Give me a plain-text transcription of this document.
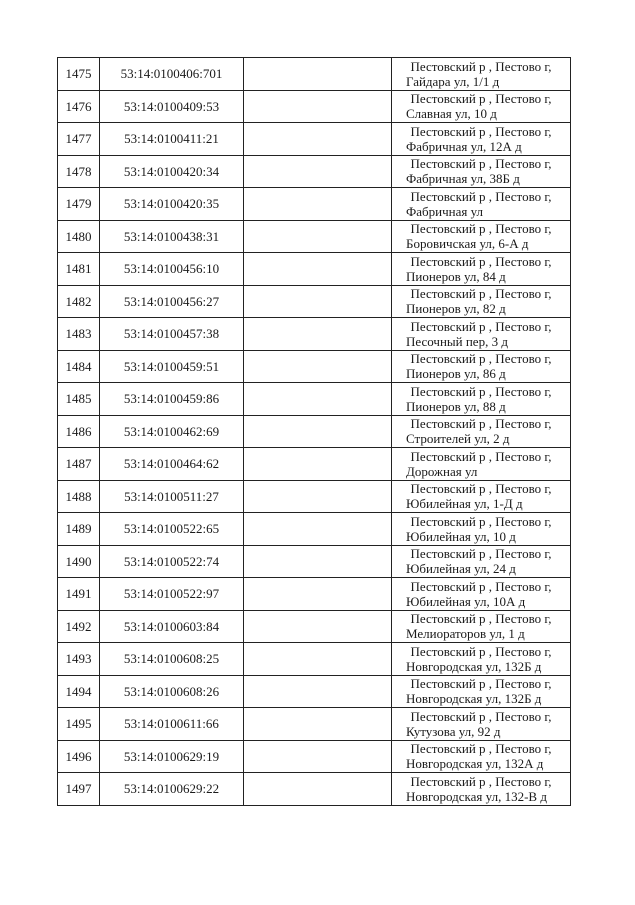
1475	53:14:0100406:701		Пестовский р , Пестово г,
Гайдара ул, 1/1 д

1476	53:14:0100409:53		Пестовский р , Пестово г,
Славная ул, 10 д

1477	53:14:0100411:21		Пестовский р , Пестово г,
Фабричная ул, 12А д

1478	53:14:0100420:34		Пестовский р , Пестово г,
Фабричная ул, 38Б д

1479	53:14:0100420:35		Пестовский р , Пестово г,
Фабричная ул

1480	53:14:0100438:31		Пестовский р , Пестово г,
Боровичская ул, 6-А д

1481	53:14:0100456:10		Пестовский р , Пестово г,
Пионеров ул, 84 д

1482	53:14:0100456:27		Пестовский р , Пестово г,
Пионеров ул, 82 д

1483	53:14:0100457:38		Пестовский р , Пестово г,
Песочный пер, 3 д

1484	53:14:0100459:51		Пестовский р , Пестово г,
Пионеров ул, 86 д

1485	53:14:0100459:86		Пестовский р , Пестово г,
Пионеров ул, 88 д

1486	53:14:0100462:69		Пестовский р , Пестово г,
Строителей ул, 2 д

1487	53:14:0100464:62		Пестовский р , Пестово г,
Дорожная ул

1488	53:14:0100511:27		Пестовский р , Пестово г,
Юбилейная ул, 1-Д д

1489	53:14:0100522:65		Пестовский р , Пестово г,
Юбилейная ул, 10 д

1490	53:14:0100522:74		Пестовский р , Пестово г,
Юбилейная ул, 24 д

1491	53:14:0100522:97		Пестовский р , Пестово г,
Юбилейная ул, 10А д

1492	53:14:0100603:84		Пестовский р , Пестово г,
Мелиораторов ул, 1 д

1493	53:14:0100608:25		Пестовский р , Пестово г,
Новгородская ул, 132Б д

1494	53:14:0100608:26		Пестовский р , Пестово г,
Новгородская ул, 132Б д

1495	53:14:0100611:66		Пестовский р , Пестово г,
Кутузова ул, 92 д

1496	53:14:0100629:19		Пестовский р , Пестово г,
Новгородская ул, 132А д

1497	53:14:0100629:22		Пестовский р , Пестово г,
Новгородская ул, 132-В д
